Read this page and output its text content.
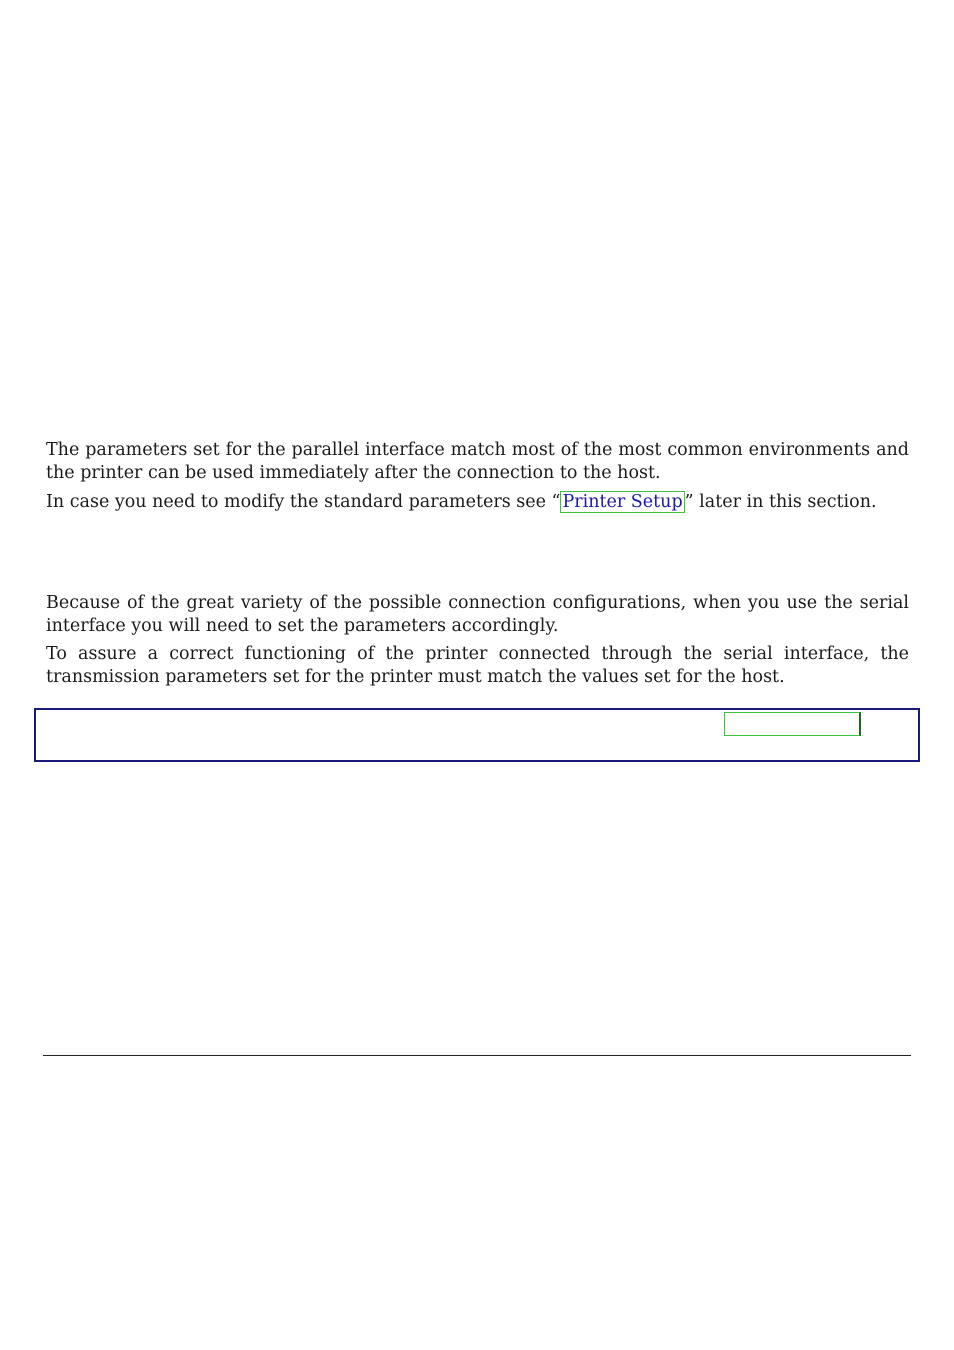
The parameters set for the parallel interface match most of the most common environments and the printer can be used immediately after the connection to the host.

In case you need to modify the standard parameters see “ Printer Setup ” later in this section.

Because of the great variety of the possible connection configurations, when you use the serial interface you will need to set the parameters accordingly.

To assure a correct functioning of the printer connected through the serial interface, the transmission parameters set for the printer must match the values set for the host.
